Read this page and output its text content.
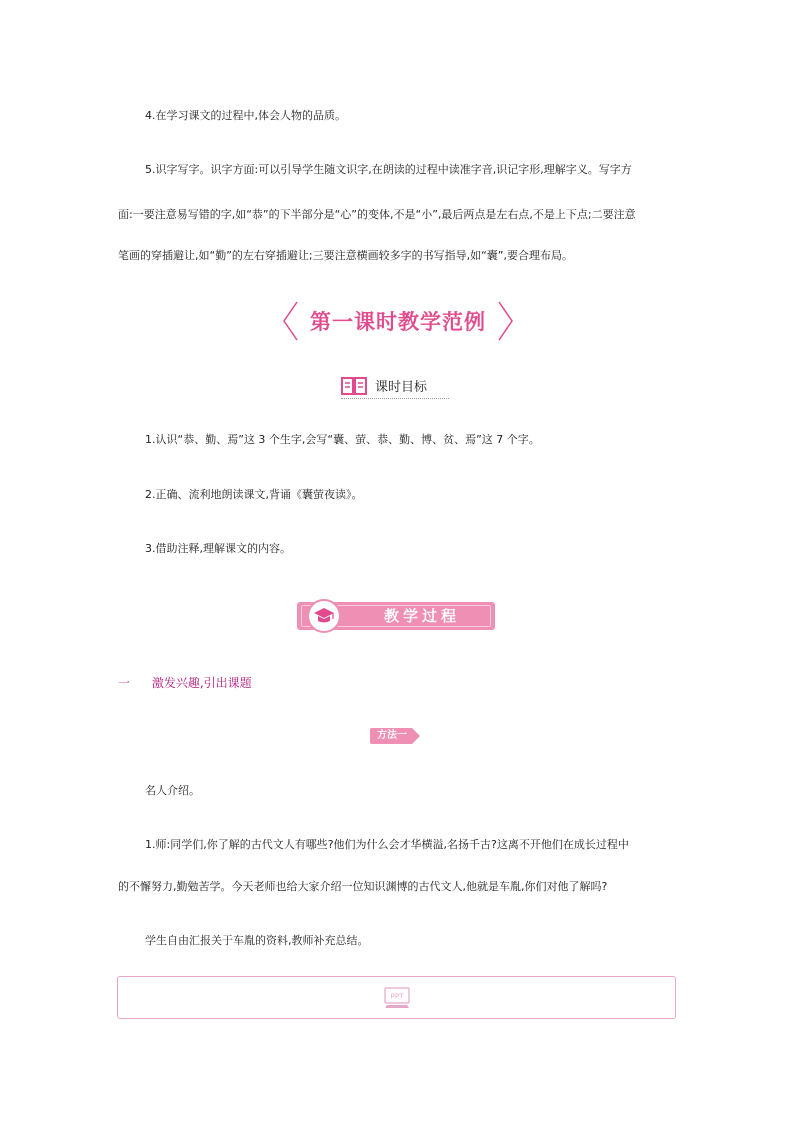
4.在学习课文的过程中,体会人物的品质。

5.识字写字。识字方面:可以引导学生随文识字,在朗读的过程中读准字音,识记字形,理解字义。写字方

面:一要注意易写错的字,如“恭”的下半部分是“心”的变体,不是“小”,最后两点是左右点,不是上下点;二要注意

笔画的穿插避让,如“勤”的左右穿插避让;三要注意横画较多字的书写指导,如“囊”,要合理布局。

第一课时教学范例
课时目标

1.认识“恭、勤、焉”这 3 个生字,会写“囊、萤、恭、勤、博、贫、焉”这 7 个字。

2.正确、流利地朗读课文,背诵《囊萤夜读》。

3.借助注释,理解课文的内容。

教学过程
一 激发兴趣,引出课题
方法一

名人介绍。

1.师:同学们,你了解的古代文人有哪些?他们为什么会才华横溢,名扬千古?这离不开他们在成长过程中

的不懈努力,勤勉苦学。今天老师也给大家介绍一位知识渊博的古代文人,他就是车胤,你们对他了解吗?

学生自由汇报关于车胤的资料,教师补充总结。

PPT
